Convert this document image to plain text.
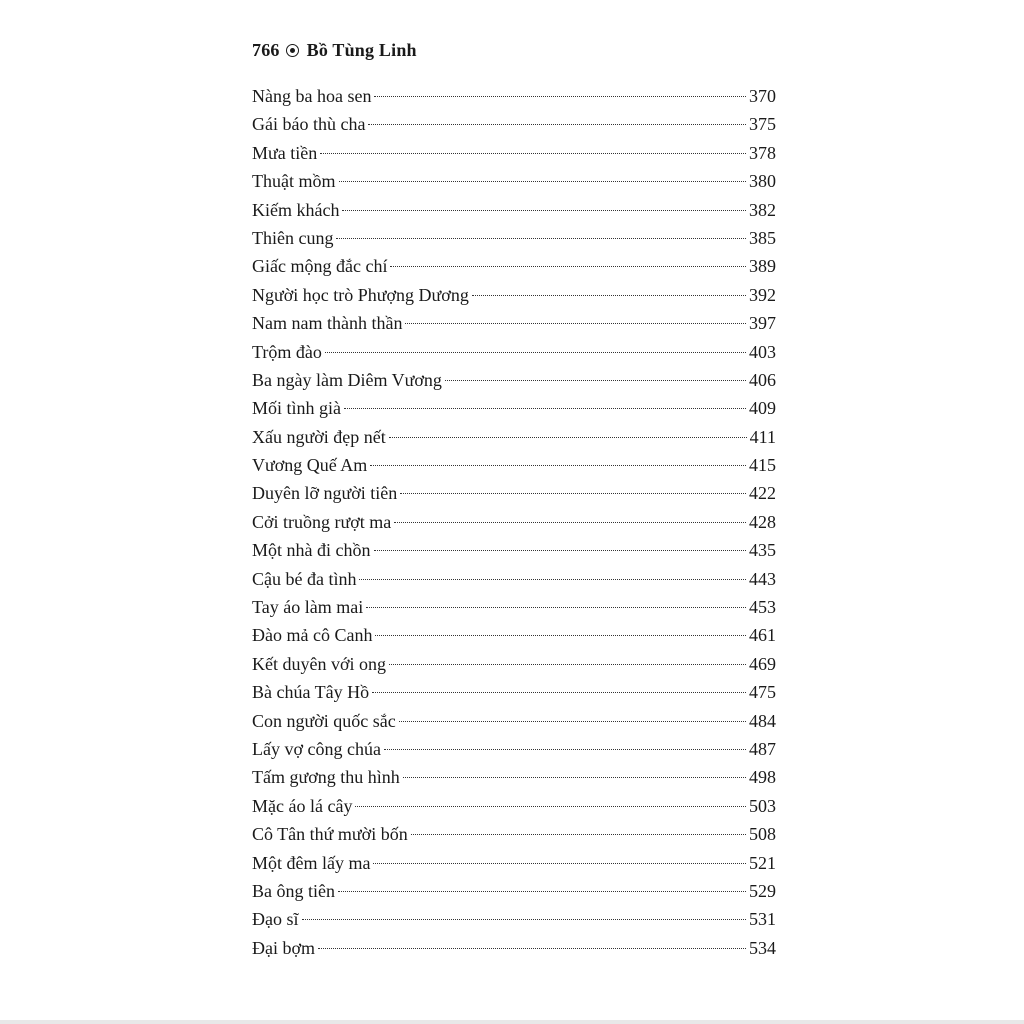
766 Bồ Tùng Linh
Nàng ba hoa sen	370
Gái báo thù cha	375
Mưa tiền	378
Thuật mồm	380
Kiếm khách	382
Thiên cung	385
Giấc mộng đắc chí	389
Người học trò Phượng Dương	392
Nam nam thành thần	397
Trộm đào	403
Ba ngày làm Diêm Vương	406
Mối tình già	409
Xấu người đẹp nết	411
Vương Quế Am	415
Duyên lỡ người tiên	422
Cởi truồng rượt ma	428
Một nhà đi chồn	435
Cậu bé đa tình	443
Tay áo làm mai	453
Đào mả cô Canh	461
Kết duyên với ong	469
Bà chúa Tây Hồ	475
Con người quốc sắc	484
Lấy vợ công chúa	487
Tấm gương thu hình	498
Mặc áo lá cây	503
Cô Tân thứ mười bốn	508
Một đêm lấy ma	521
Ba ông tiên	529
Đạo sĩ	531
Đại bợm	534
